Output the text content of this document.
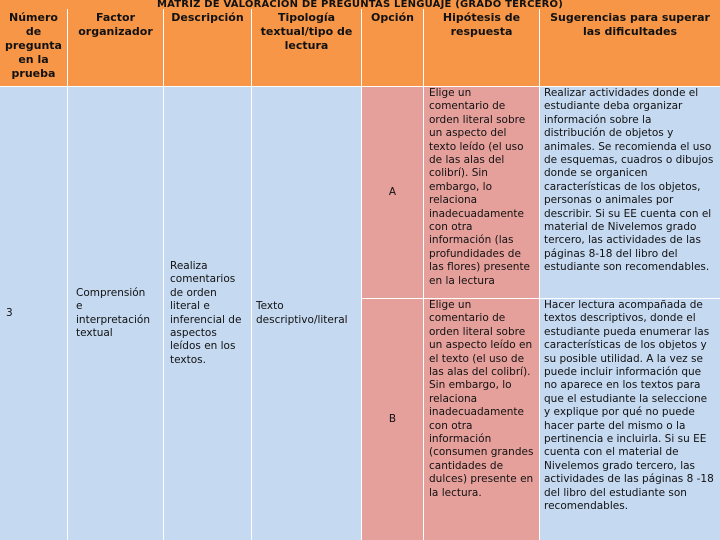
MATRIZ DE VALORACIÓN DE PREGUNTAS LENGUAJE (GRADO TERCERO)
Número de pregunta en la prueba
Factor organizador
Descripción	Tipología textual/tipo de lectura
Opción	Hipótesis de respuesta
Sugerencias para superar las dificultades
3
Comprensión e interpretación textual
Realiza comentarios de orden literal e inferencial de aspectos leídos en los textos.
Texto descriptivo/literal
A
Elige un comentario de orden literal sobre un aspecto del texto leído (el uso de las alas del colibrí). Sin embargo, lo relaciona inadecuadamente con otra información (las profundidades de las flores) presente en la lectura
Realizar actividades donde el estudiante deba organizar información sobre la distribución de objetos y animales. Se recomienda el uso de esquemas, cuadros o dibujos donde se organicen características de los objetos, personas o animales por describir. Si su EE cuenta con el material de Nivelemos grado tercero, las actividades de las páginas 8-18 del libro del estudiante son recomendables.
B
Elige un comentario de orden literal sobre un aspecto leído en el texto (el uso de las alas del colibrí). Sin embargo, lo relaciona inadecuadamente con otra información (consumen grandes cantidades de dulces) presente en la lectura.
Hacer lectura acompañada de textos descriptivos, donde el estudiante pueda enumerar las características de los objetos y su posible utilidad. A la vez se puede incluir información que no aparece en los textos para que el estudiante la seleccione y explique por qué no puede hacer parte del mismo o la pertinencia e incluirla. Si su EE cuenta con el material de Nivelemos grado tercero, las actividades de las páginas 8 -18 del libro del estudiante son recomendables.
